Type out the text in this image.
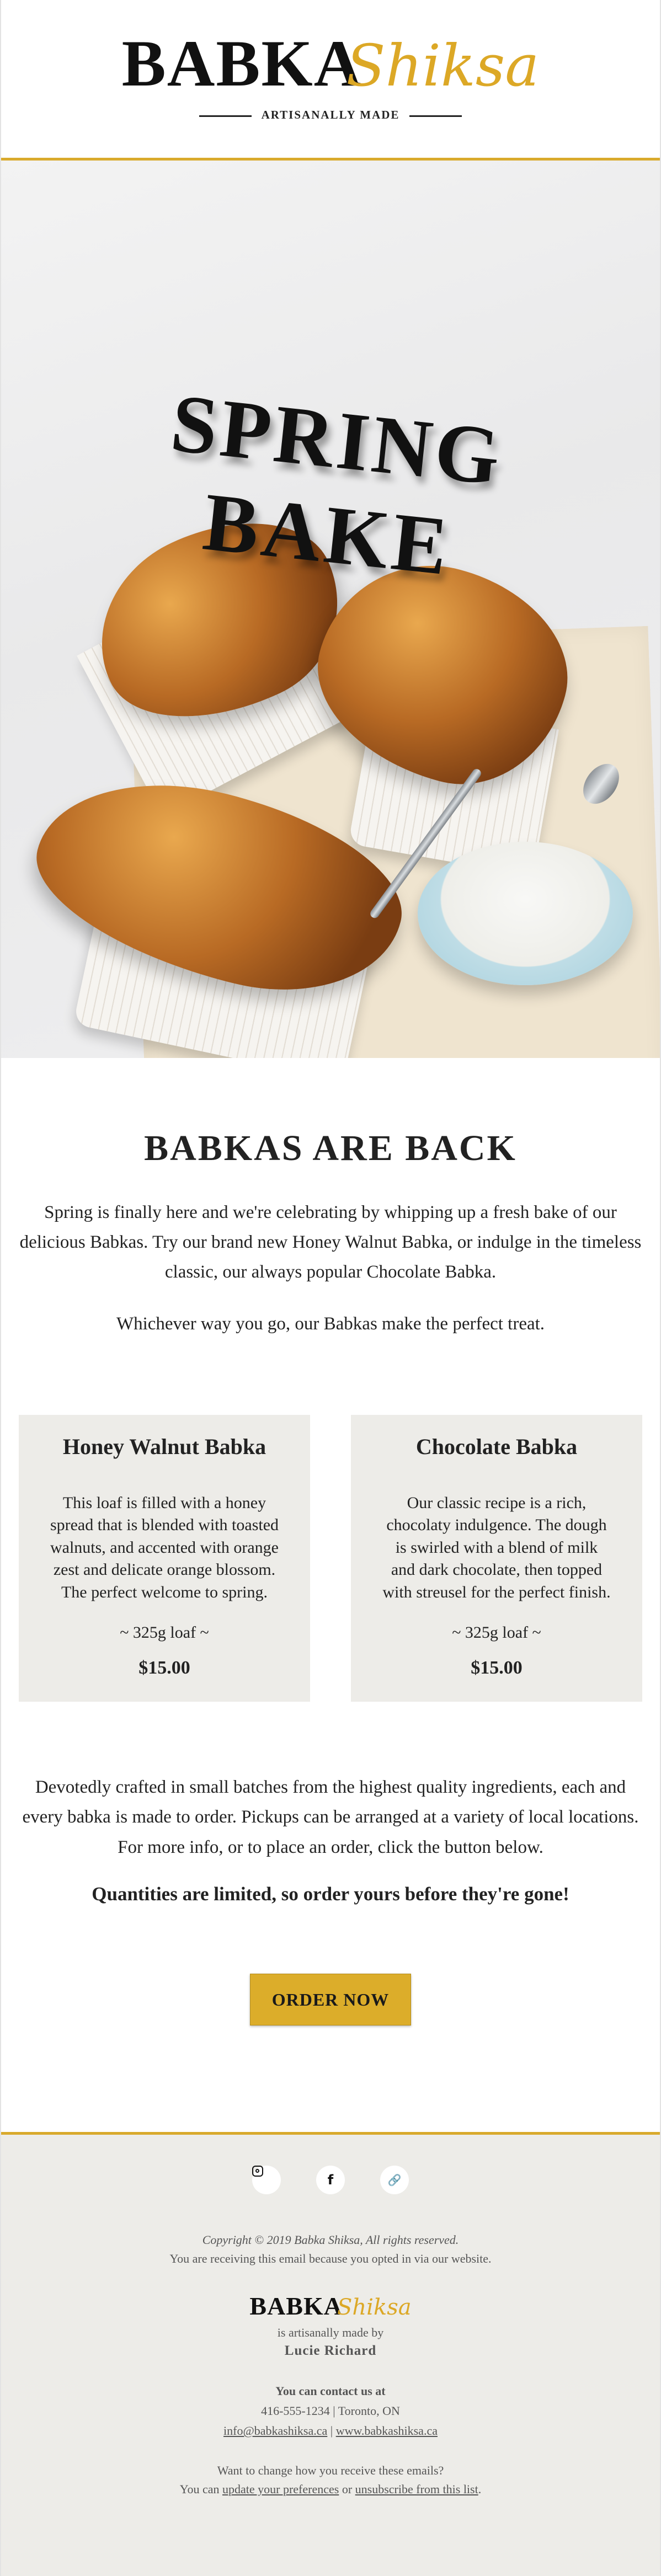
BABKAShiksa
ARTISANALLY MADE
SPRING BAKE
BABKAS ARE BACK
Spring is finally here and we're celebrating by whipping up a fresh bake of our delicious Babkas. Try our brand new Honey Walnut Babka, or indulge in the timeless classic, our always popular Chocolate Babka.
Whichever way you go, our Babkas make the perfect treat.
Honey Walnut Babka
This loaf is filled with a honey spread that is blended with toasted walnuts, and accented with orange zest and delicate orange blossom. The perfect welcome to spring.
~ 325g loaf ~
$15.00
Chocolate Babka
Our classic recipe is a rich, chocolaty indulgence. The dough is swirled with a blend of milk and dark chocolate, then topped with streusel for the perfect finish.
~ 325g loaf ~
$15.00
Devotedly crafted in small batches from the highest quality ingredients, each and every babka is made to order. Pickups can be arranged at a variety of local locations. For more info, or to place an order, click the button below.
Quantities are limited, so order yours before they're gone!
ORDER NOW

f
	🔗
Copyright © 2019 Babka Shiksa, All rights reserved.
You are receiving this email because you opted in via our website.
BABKAShiksa
is artisanally made by
Lucie Richard
You can contact us at
416-555-1234 | Toronto, ON
info@babkashiksa.ca | www.babkashiksa.ca
Want to change how you receive these emails?
You can update your preferences or unsubscribe from this list.
